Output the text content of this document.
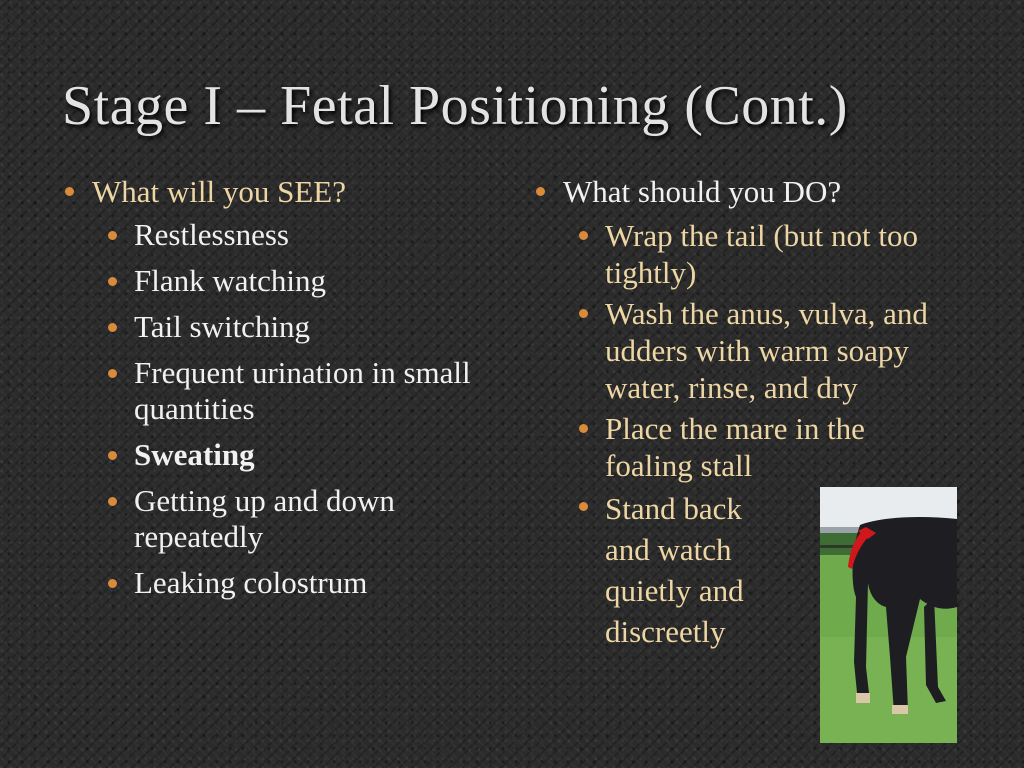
Stage I – Fetal Positioning (Cont.)
What will you SEE?
Restlessness
Flank watching
Tail switching
Frequent urination in small quantities
Sweating
Getting up and down repeatedly
Leaking colostrum
What should you DO?
Wrap the tail (but not too tightly)
Wash the anus, vulva, and udders with warm soapy water, rinse, and dry
Place the mare in the foaling stall
Stand back and watch quietly and discreetly
